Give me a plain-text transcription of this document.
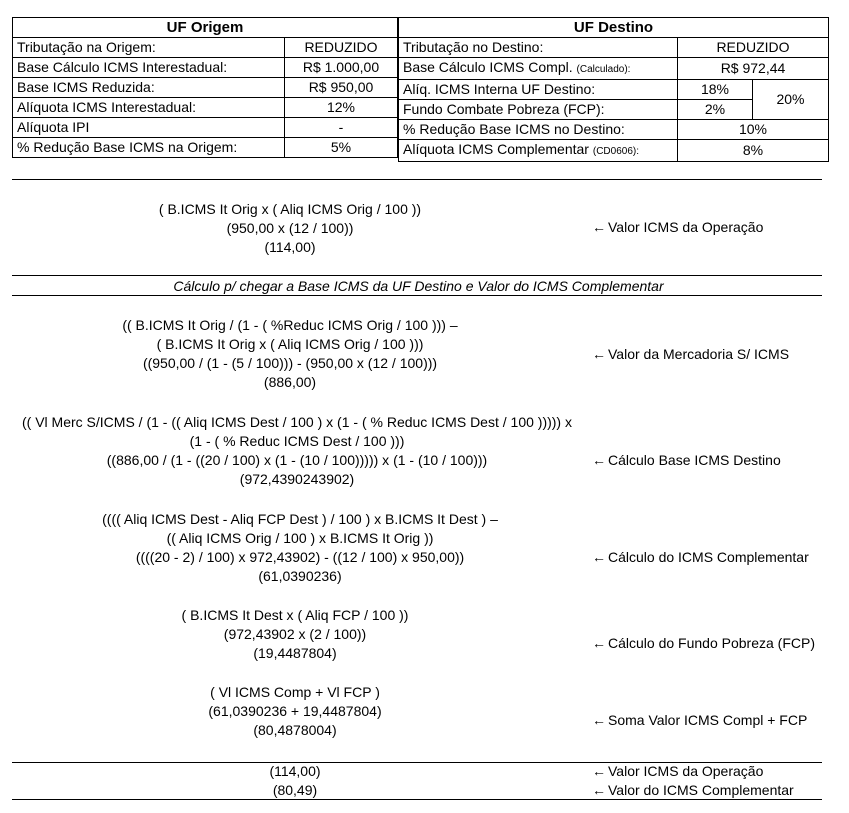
UF Origem	
Tributação na Origem:	REDUZIDO
Base Cálculo ICMS Interestadual:	R$ 1.000,00
Base ICMS Reduzida:	R$ 950,00
Alíquota ICMS Interestadual:	12%
Alíquota IPI	-
% Redução Base ICMS na Origem:	5%
UF Destino		
Tributação no Destino:	REDUZIDO	
Base Cálculo ICMS Compl. (Calculado):	R$ 972,44	
Alíq. ICMS Interna UF Destino:	18%	20%
Fundo Combate Pobreza (FCP):	2%	
% Redução Base ICMS no Destino:	10%	
Alíquota ICMS Complementar (CD0606):	8%	
( B.ICMS It Orig x ( Aliq ICMS Orig / 100 ))
(950,00 x (12 / 100))
(114,00)
← Valor ICMS da Operação
Cálculo p/ chegar a Base ICMS da UF Destino e Valor do ICMS Complementar
(( B.ICMS It Orig / (1 - ( %Reduc ICMS Orig / 100 ))) –
( B.ICMS It Orig x ( Aliq ICMS Orig / 100 )))
((950,00 / (1 - (5 / 100))) - (950,00 x (12 / 100)))
(886,00)
← Valor da Mercadoria S/ ICMS
(( Vl Merc S/ICMS / (1 - (( Aliq ICMS Dest / 100 ) x (1 - ( % Reduc ICMS Dest / 100 ))))) x
(1 - ( % Reduc ICMS Dest / 100 )))
((886,00 / (1 - ((20 / 100) x (1 - (10 / 100))))) x (1 - (10 / 100)))
(972,4390243902)
← Cálculo Base ICMS Destino
(((( Aliq ICMS Dest - Aliq FCP Dest ) / 100 ) x B.ICMS It Dest ) –
(( Aliq ICMS Orig / 100 ) x B.ICMS It Orig ))
((((20 - 2) / 100) x 972,43902) - ((12 / 100) x 950,00))
(61,0390236)
← Cálculo do ICMS Complementar
( B.ICMS It Dest x ( Aliq FCP / 100 ))
(972,43902 x (2 / 100))
(19,4487804)
← Cálculo do Fundo Pobreza (FCP)
( Vl ICMS Comp + Vl FCP )
(61,0390236 + 19,4487804)
(80,4878004)
← Soma Valor ICMS Compl + FCP
(114,00)
(80,49)
← Valor ICMS da Operação
← Valor do ICMS Complementar
